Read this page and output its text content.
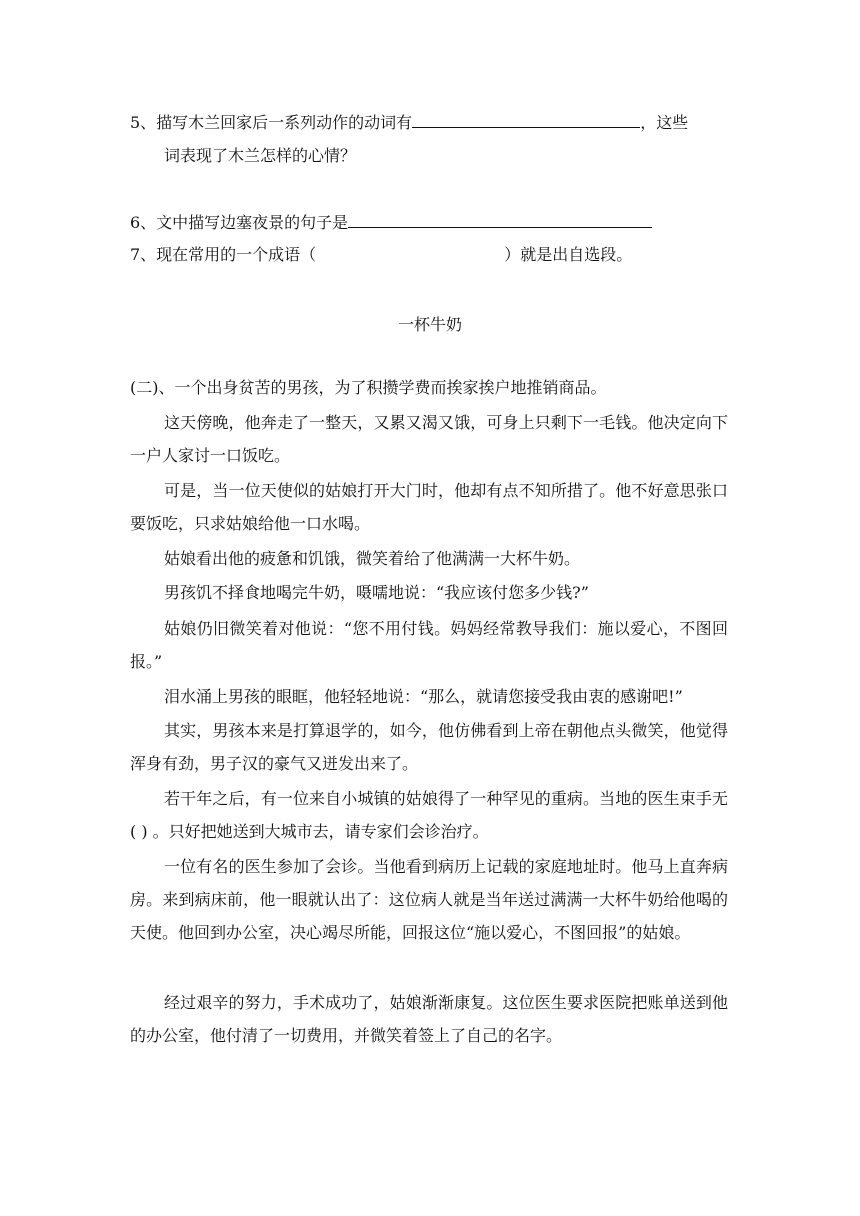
5、描写木兰回家后一系列动作的动词有	，这些
词表现了木兰怎样的心情？
6、文中描写边塞夜景的句子是
7、现在常用的一个成语（	）就是出自选段。
一杯牛奶
(二)、一个出身贫苦的男孩，为了积攒学费而挨家挨户地推销商品。
这天傍晚，他奔走了一整天，又累又渴又饿，可身上只剩下一毛钱。他决定向下一户人家讨一口饭吃。
可是，当一位天使似的姑娘打开大门时，他却有点不知所措了。他不好意思张口要饭吃，只求姑娘给他一口水喝。
姑娘看出他的疲惫和饥饿，微笑着给了他满满一大杯牛奶。
男孩饥不择食地喝完牛奶，嗫嚅地说：“我应该付您多少钱?”
姑娘仍旧微笑着对他说：“您不用付钱。妈妈经常教导我们：施以爱心，不图回报。”
泪水涌上男孩的眼眶，他轻轻地说：“那么，就请您接受我由衷的感谢吧!”
其实，男孩本来是打算退学的，如今，他仿佛看到上帝在朝他点头微笑，他觉得浑身有劲，男子汉的豪气又迸发出来了。
若干年之后，有一位来自小城镇的姑娘得了一种罕见的重病。当地的医生束手无( ) 。只好把她送到大城市去，请专家们会诊治疗。
一位有名的医生参加了会诊。当他看到病历上记载的家庭地址时。他马上直奔病房。来到病床前，他一眼就认出了：这位病人就是当年送过满满一大杯牛奶给他喝的天使。他回到办公室，决心竭尽所能，回报这位“施以爱心，不图回报”的姑娘。
经过艰辛的努力，手术成功了，姑娘渐渐康复。这位医生要求医院把账单送到他的办公室，他付清了一切费用，并微笑着签上了自己的名字。
